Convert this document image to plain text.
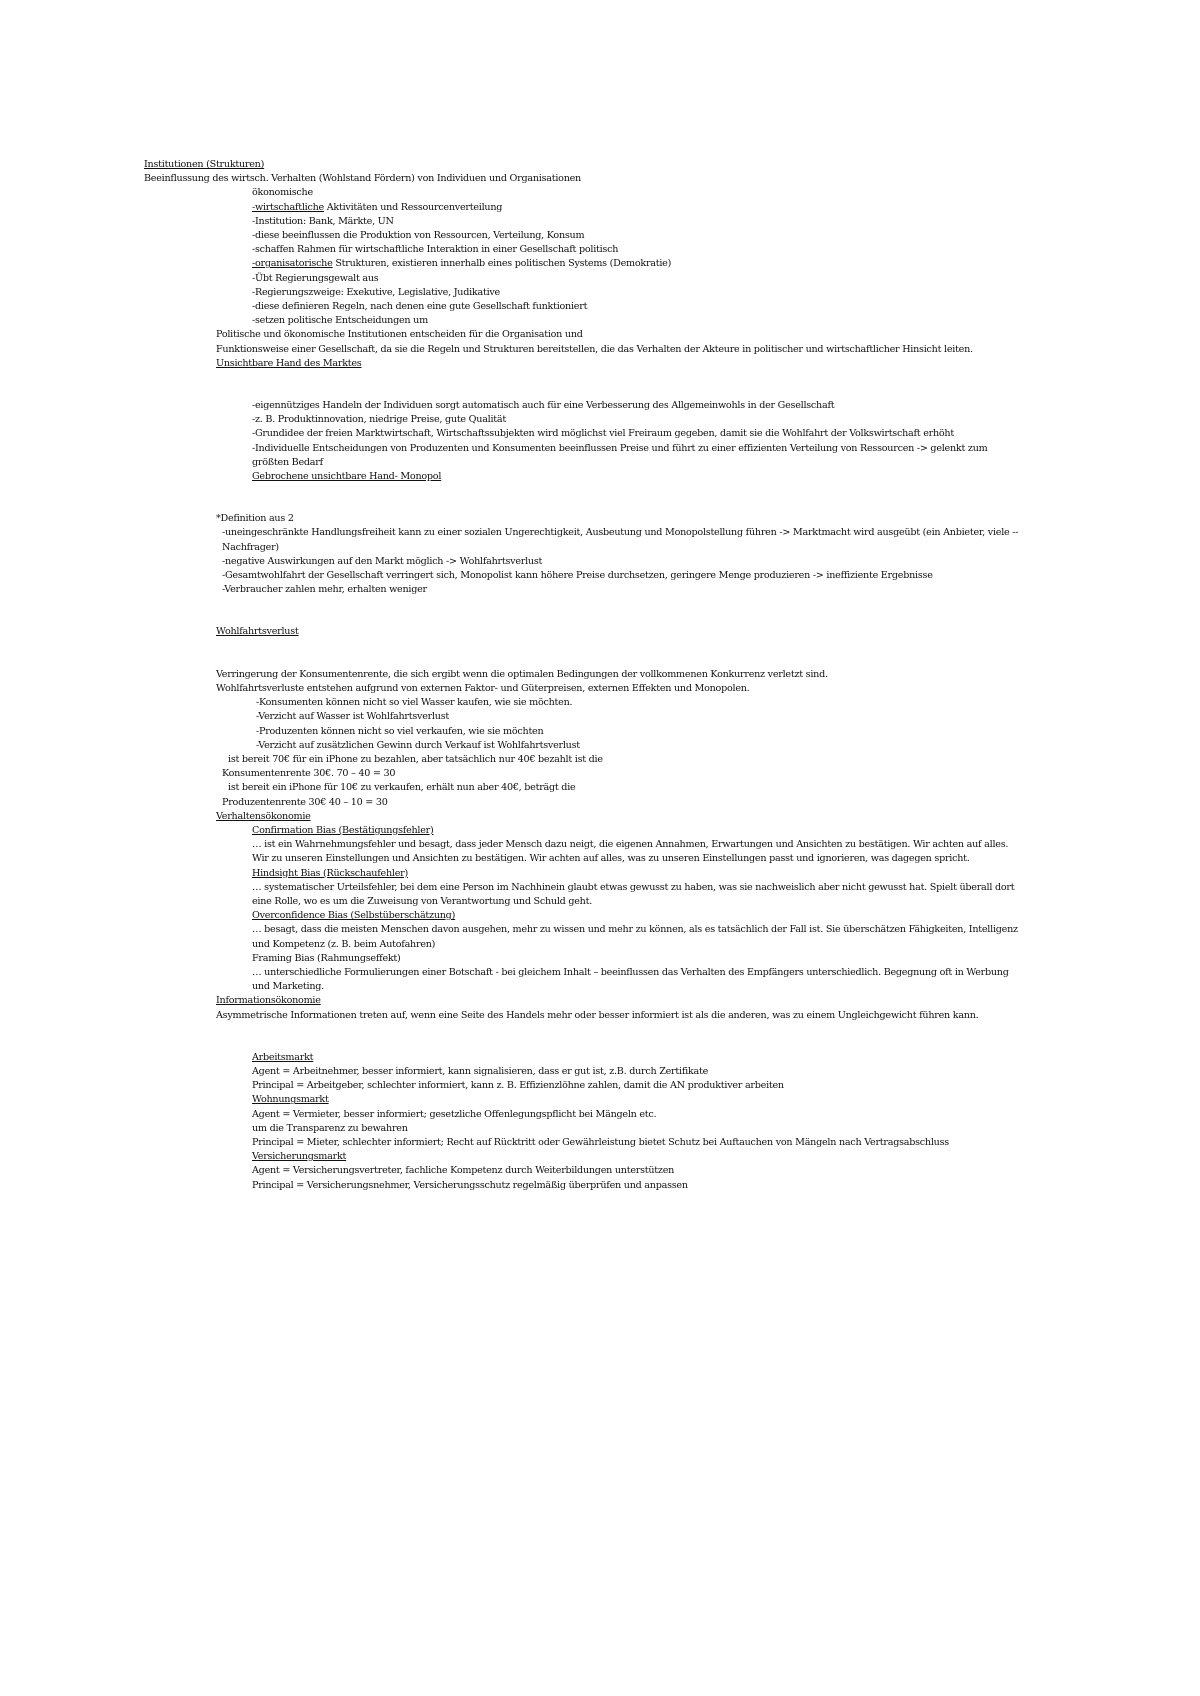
Institutionen (Strukturen)
Beeinflussung des wirtsch. Verhalten (Wohlstand Fördern) von Individuen und Organisationen
ökonomische
-wirtschaftliche Aktivitäten und Ressourcenverteilung
-Institution: Bank, Märkte, UN
-diese beeinflussen die Produktion von Ressourcen, Verteilung, Konsum
-schaffen Rahmen für wirtschaftliche Interaktion in einer Gesellschaft politisch
-organisatorische Strukturen, existieren innerhalb eines politischen Systems (Demokratie)
-Übt Regierungsgewalt aus
-Regierungszweige: Exekutive, Legislative, Judikative
-diese definieren Regeln, nach denen eine gute Gesellschaft funktioniert
-setzen politische Entscheidungen um
Politische und ökonomische Institutionen entscheiden für die Organisation und
Funktionsweise einer Gesellschaft, da sie die Regeln und Strukturen bereitstellen, die das Verhalten der Akteure in politischer und wirtschaftlicher Hinsicht leiten.
Unsichtbare Hand des Marktes
-eigennütziges Handeln der Individuen sorgt automatisch auch für eine Verbesserung des Allgemeinwohls in der Gesellschaft
-z. B. Produktinnovation, niedrige Preise, gute Qualität
-Grundidee der freien Marktwirtschaft, Wirtschaftssubjekten wird möglichst viel Freiraum gegeben, damit sie die Wohlfahrt der Volkswirtschaft erhöht
-Individuelle Entscheidungen von Produzenten und Konsumenten beeinflussen Preise und führt zu einer effizienten Verteilung von Ressourcen -> gelenkt zum
größten Bedarf
Gebrochene unsichtbare Hand- Monopol
*Definition aus 2
-uneingeschränkte Handlungsfreiheit kann zu einer sozialen Ungerechtigkeit, Ausbeutung und Monopolstellung führen -> Marktmacht wird ausgeübt (ein Anbieter, viele --
Nachfrager)
-negative Auswirkungen auf den Markt möglich -> Wohlfahrtsverlust
-Gesamtwohlfahrt der Gesellschaft verringert sich, Monopolist kann höhere Preise durchsetzen, geringere Menge produzieren -> ineffiziente Ergebnisse
-Verbraucher zahlen mehr, erhalten weniger
Wohlfahrtsverlust
Verringerung der Konsumentenrente, die sich ergibt wenn die optimalen Bedingungen der vollkommenen Konkurrenz verletzt sind.
Wohlfahrtsverluste entstehen aufgrund von externen Faktor- und Güterpreisen, externen Effekten und Monopolen.
-Konsumenten können nicht so viel Wasser kaufen, wie sie möchten.
-Verzicht auf Wasser ist Wohlfahrtsverlust
-Produzenten können nicht so viel verkaufen, wie sie möchten
-Verzicht auf zusätzlichen Gewinn durch Verkauf ist Wohlfahrtsverlust
ist bereit 70€ für ein iPhone zu bezahlen, aber tatsächlich nur 40€ bezahlt ist die
Konsumentenrente 30€. 70 – 40 = 30
ist bereit ein iPhone für 10€ zu verkaufen, erhält nun aber 40€, beträgt die
Produzentenrente 30€ 40 – 10 = 30
Verhaltensökonomie
Confirmation Bias (Bestätigungsfehler)
… ist ein Wahrnehmungsfehler und besagt, dass jeder Mensch dazu neigt, die eigenen Annahmen, Erwartungen und Ansichten zu bestätigen. Wir achten auf alles.
Wir zu unseren Einstellungen und Ansichten zu bestätigen. Wir achten auf alles, was zu unseren Einstellungen passt und ignorieren, was dagegen spricht.
Hindsight Bias (Rückschaufehler)
… systematischer Urteilsfehler, bei dem eine Person im Nachhinein glaubt etwas gewusst zu haben, was sie nachweislich aber nicht gewusst hat. Spielt überall dort
eine Rolle, wo es um die Zuweisung von Verantwortung und Schuld geht.
Overconfidence Bias (Selbstüberschätzung)
… besagt, dass die meisten Menschen davon ausgehen, mehr zu wissen und mehr zu können, als es tatsächlich der Fall ist. Sie überschätzen Fähigkeiten, Intelligenz
und Kompetenz (z. B. beim Autofahren)
Framing Bias (Rahmungseffekt)
… unterschiedliche Formulierungen einer Botschaft - bei gleichem Inhalt – beeinflussen das Verhalten des Empfängers unterschiedlich. Begegnung oft in Werbung
und Marketing.
Informationsökonomie
Asymmetrische Informationen treten auf, wenn eine Seite des Handels mehr oder besser informiert ist als die anderen, was zu einem Ungleichgewicht führen kann.
Arbeitsmarkt
Agent = Arbeitnehmer, besser informiert, kann signalisieren, dass er gut ist, z.B. durch Zertifikate
Principal = Arbeitgeber, schlechter informiert, kann z. B. Effizienzlöhne zahlen, damit die AN produktiver arbeiten
Wohnungsmarkt
Agent = Vermieter, besser informiert; gesetzliche Offenlegungspflicht bei Mängeln etc.
um die Transparenz zu bewahren
Principal = Mieter, schlechter informiert; Recht auf Rücktritt oder Gewährleistung bietet Schutz bei Auftauchen von Mängeln nach Vertragsabschluss
Versicherungsmarkt
Agent = Versicherungsvertreter, fachliche Kompetenz durch Weiterbildungen unterstützen
Principal = Versicherungsnehmer, Versicherungsschutz regelmäßig überprüfen und anpassen
